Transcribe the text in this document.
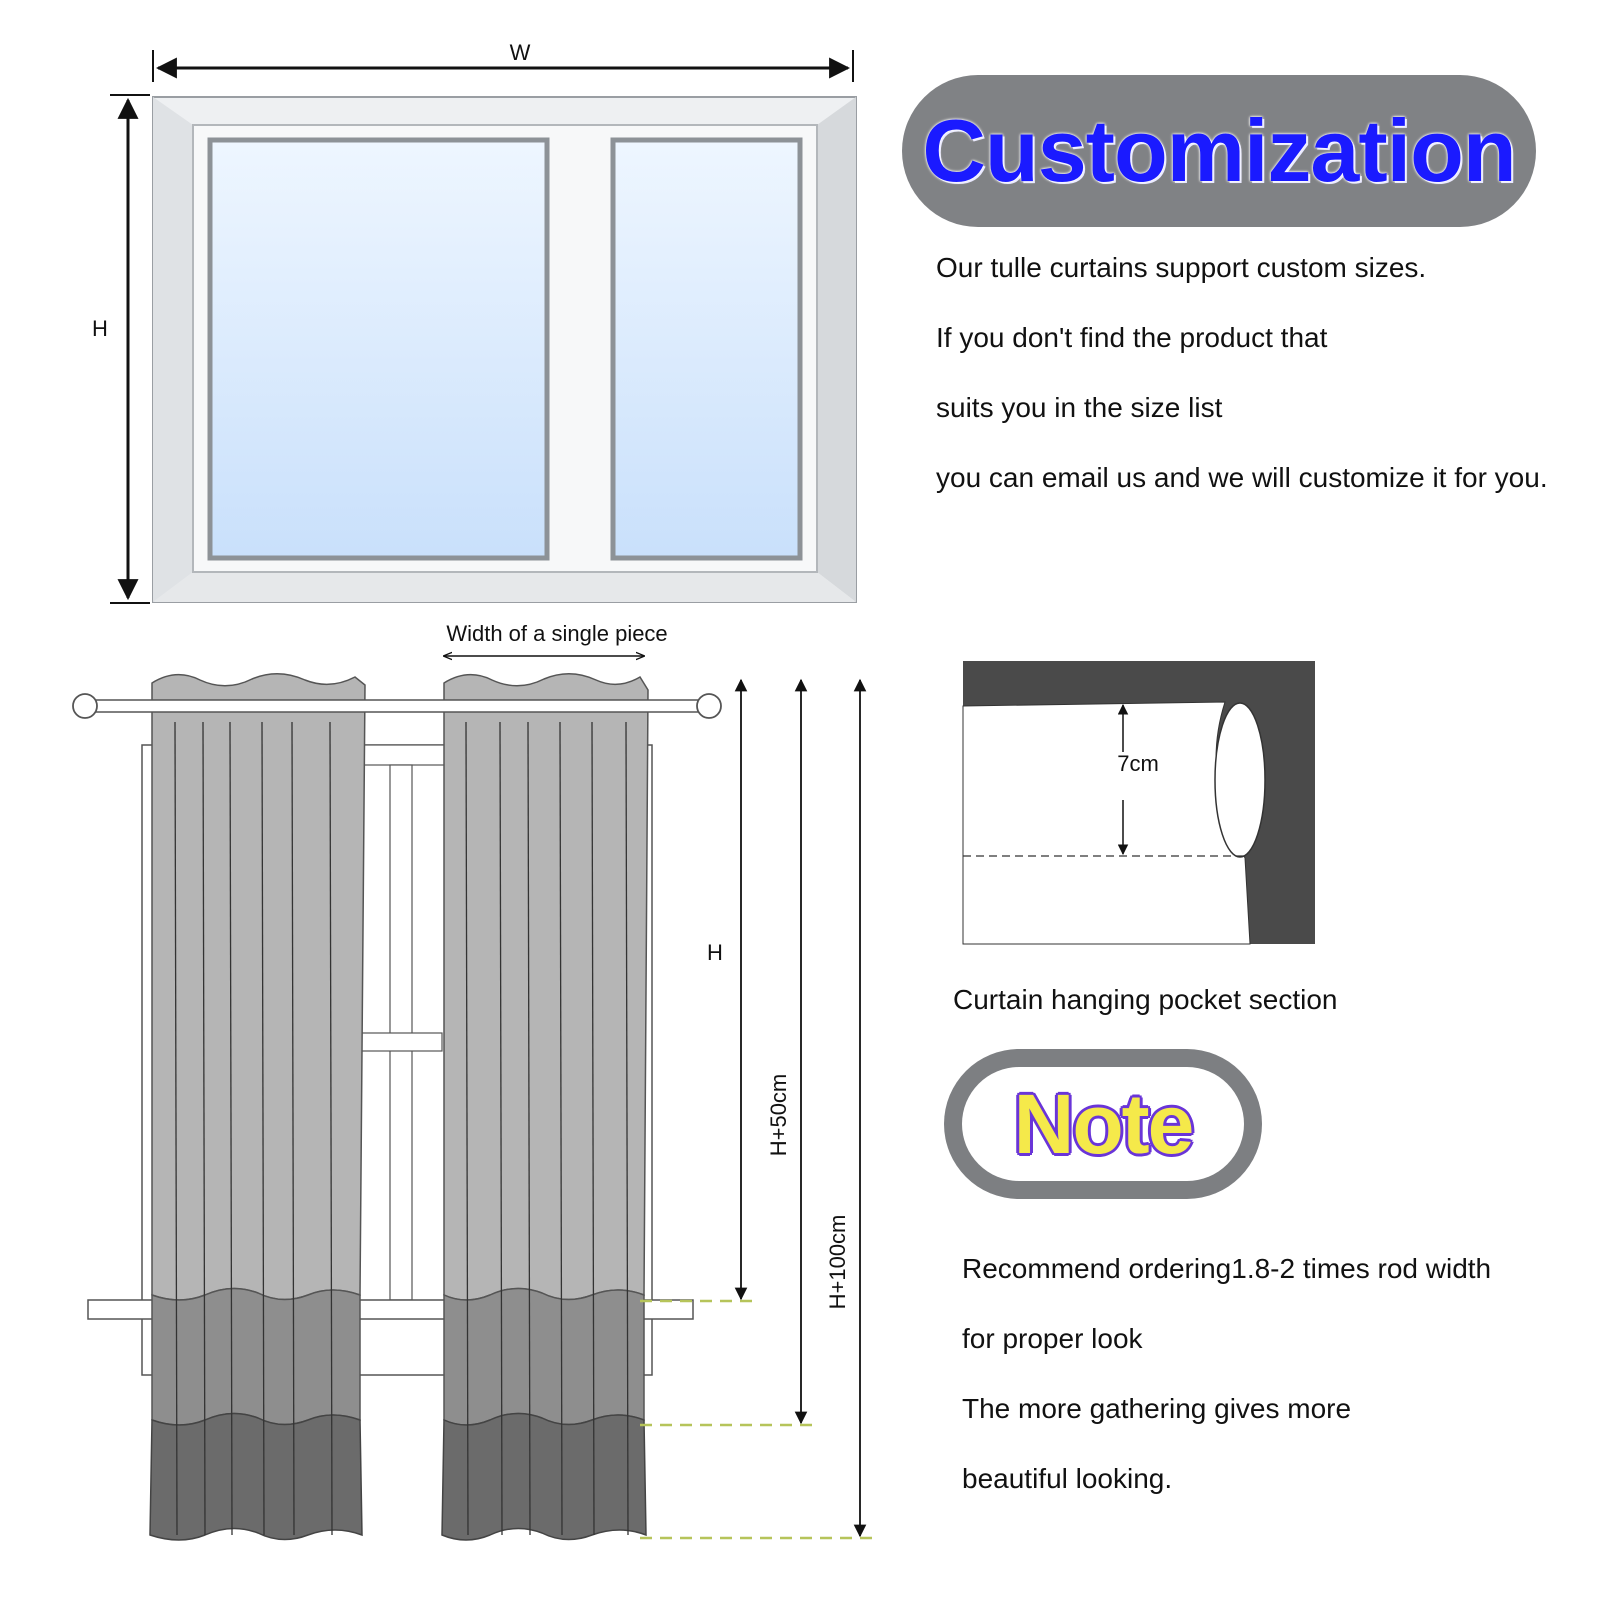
W
H
Width of a single piece
H
H+50cm
H+100cm
7cm
Customization
Our tulle curtains support custom sizes.
If you don't find the product that
suits you in the size list
you can email us and we will customize it for you.
Curtain hanging pocket section
Note
Recommend ordering1.8-2 times rod width
for proper look
The more gathering gives more
beautiful looking.
